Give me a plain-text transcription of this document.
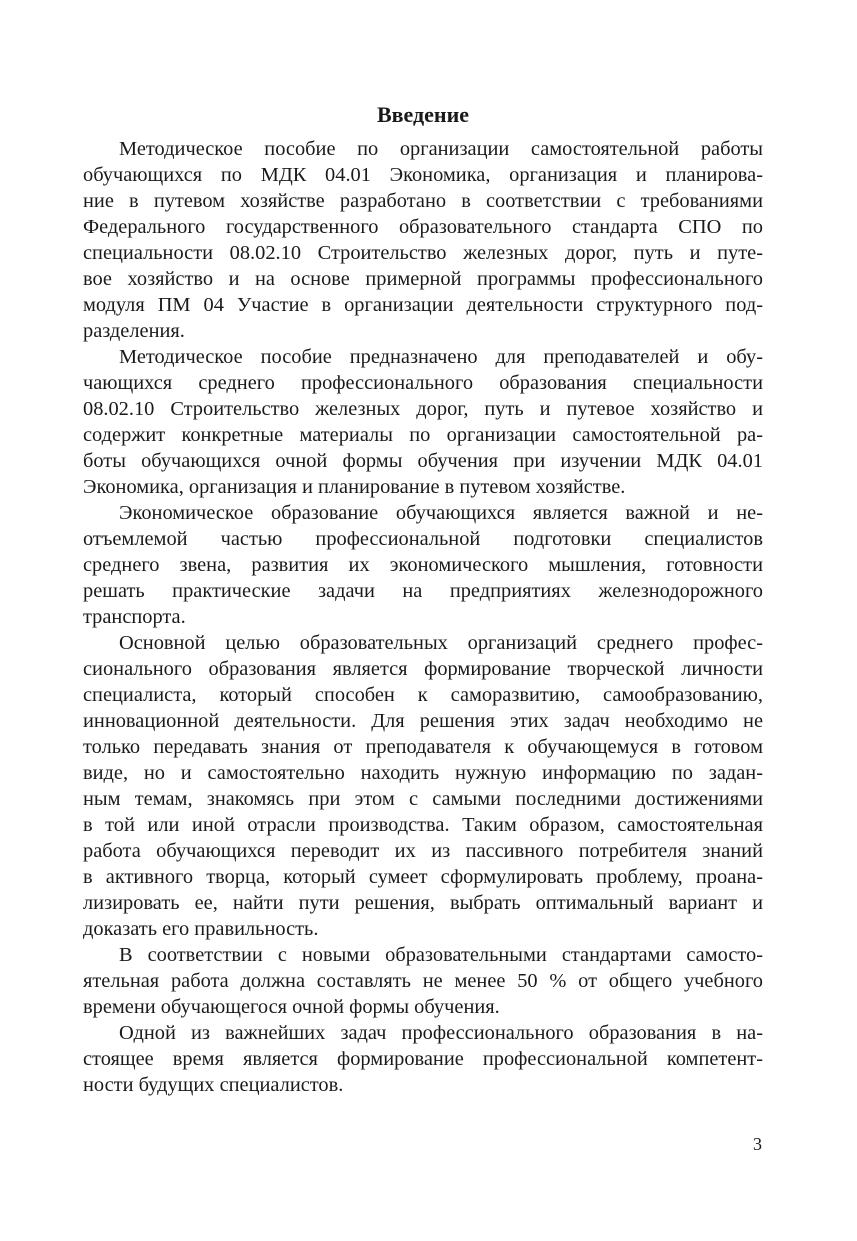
Введение
Методическое пособие по организации самостоятельной работы
обучающихся по МДК 04.01 Экономика, организация и планирова-
ние в путевом хозяйстве разработано в соответствии с требованиями
Федерального государственного образовательного стандарта СПО по
специальности 08.02.10 Строительство железных дорог, путь и путе-
вое хозяйство и на основе примерной программы профессионального
модуля ПМ 04 Участие в организации деятельности структурного под-
разделения.
Методическое пособие предназначено для преподавателей и обу-
чающихся среднего профессионального образования специальности
08.02.10 Строительство железных дорог, путь и путевое хозяйство и
содержит конкретные материалы по организации самостоятельной ра-
боты обучающихся очной формы обучения при изучении МДК 04.01
Экономика, организация и планирование в путевом хозяйстве.
Экономическое образование обучающихся является важной и не-
отъемлемой частью профессиональной подготовки специалистов
среднего звена, развития их экономического мышления, готовности
решать практические задачи на предприятиях железнодорожного
транспорта.
Основной целью образовательных организаций среднего профес-
сионального образования является формирование творческой личности
специалиста, который способен к саморазвитию, самообразованию,
инновационной деятельности. Для решения этих задач необходимо не
только передавать знания от преподавателя к обучающемуся в готовом
виде, но и самостоятельно находить нужную информацию по задан-
ным темам, знакомясь при этом с самыми последними достижениями
в той или иной отрасли производства. Таким образом, самостоятельная
работа обучающихся переводит их из пассивного потребителя знаний
в активного творца, который сумеет сформулировать проблему, проана-
лизировать ее, найти пути решения, выбрать оптимальный вариант и
доказать его правильность.
В соответствии с новыми образовательными стандартами самосто-
ятельная работа должна составлять не менее 50 % от общего учебного
времени обучающегося очной формы обучения.
Одной из важнейших задач профессионального образования в на-
стоящее время является формирование профессиональной компетент-
ности будущих специалистов.
3
